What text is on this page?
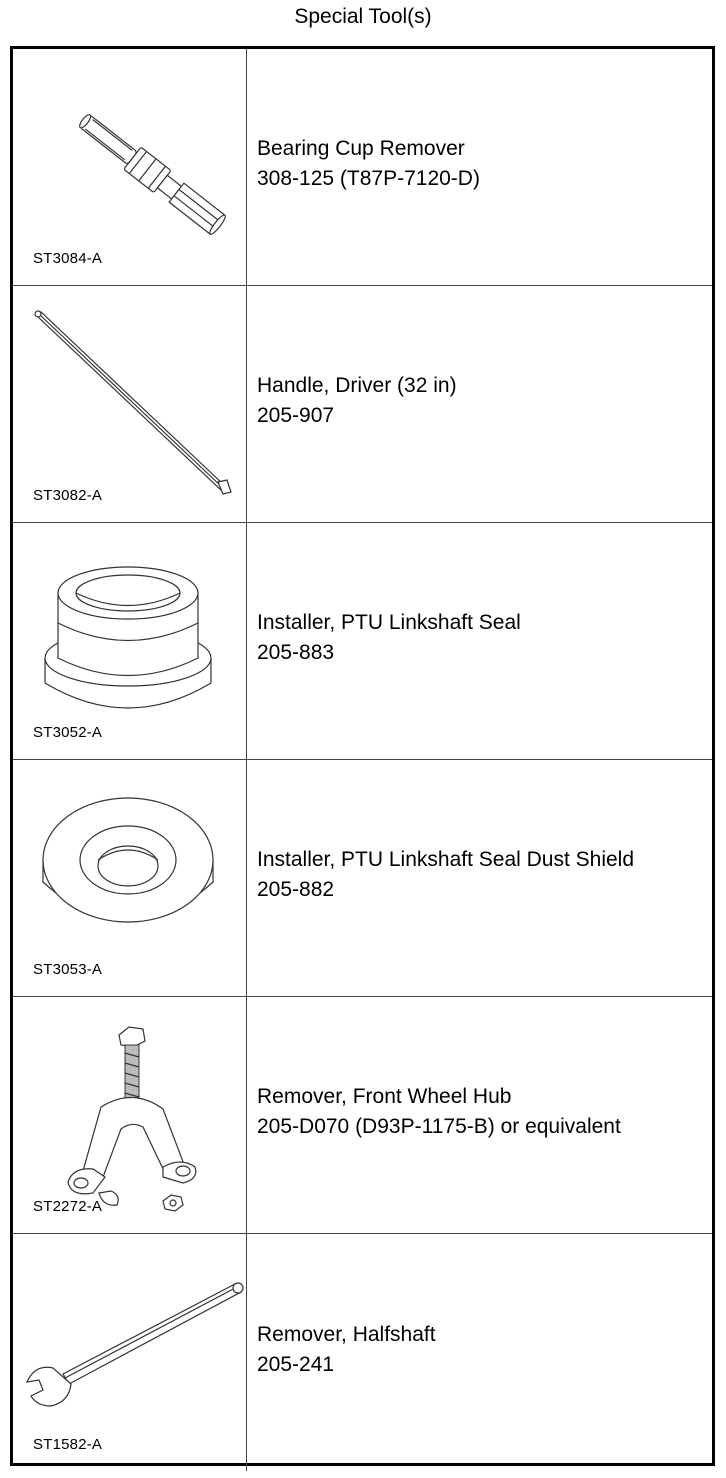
Special Tool(s)
ST3084-A
Bearing Cup Remover
308-125 (T87P-7120-D)
ST3082-A
Handle, Driver (32 in)
205-907
ST3052-A
Installer, PTU Linkshaft Seal
205-883
ST3053-A
Installer, PTU Linkshaft Seal Dust Shield
205-882
ST2272-A
Remover, Front Wheel Hub
205-D070 (D93P-1175-B) or equivalent
ST1582-A
Remover, Halfshaft
205-241
